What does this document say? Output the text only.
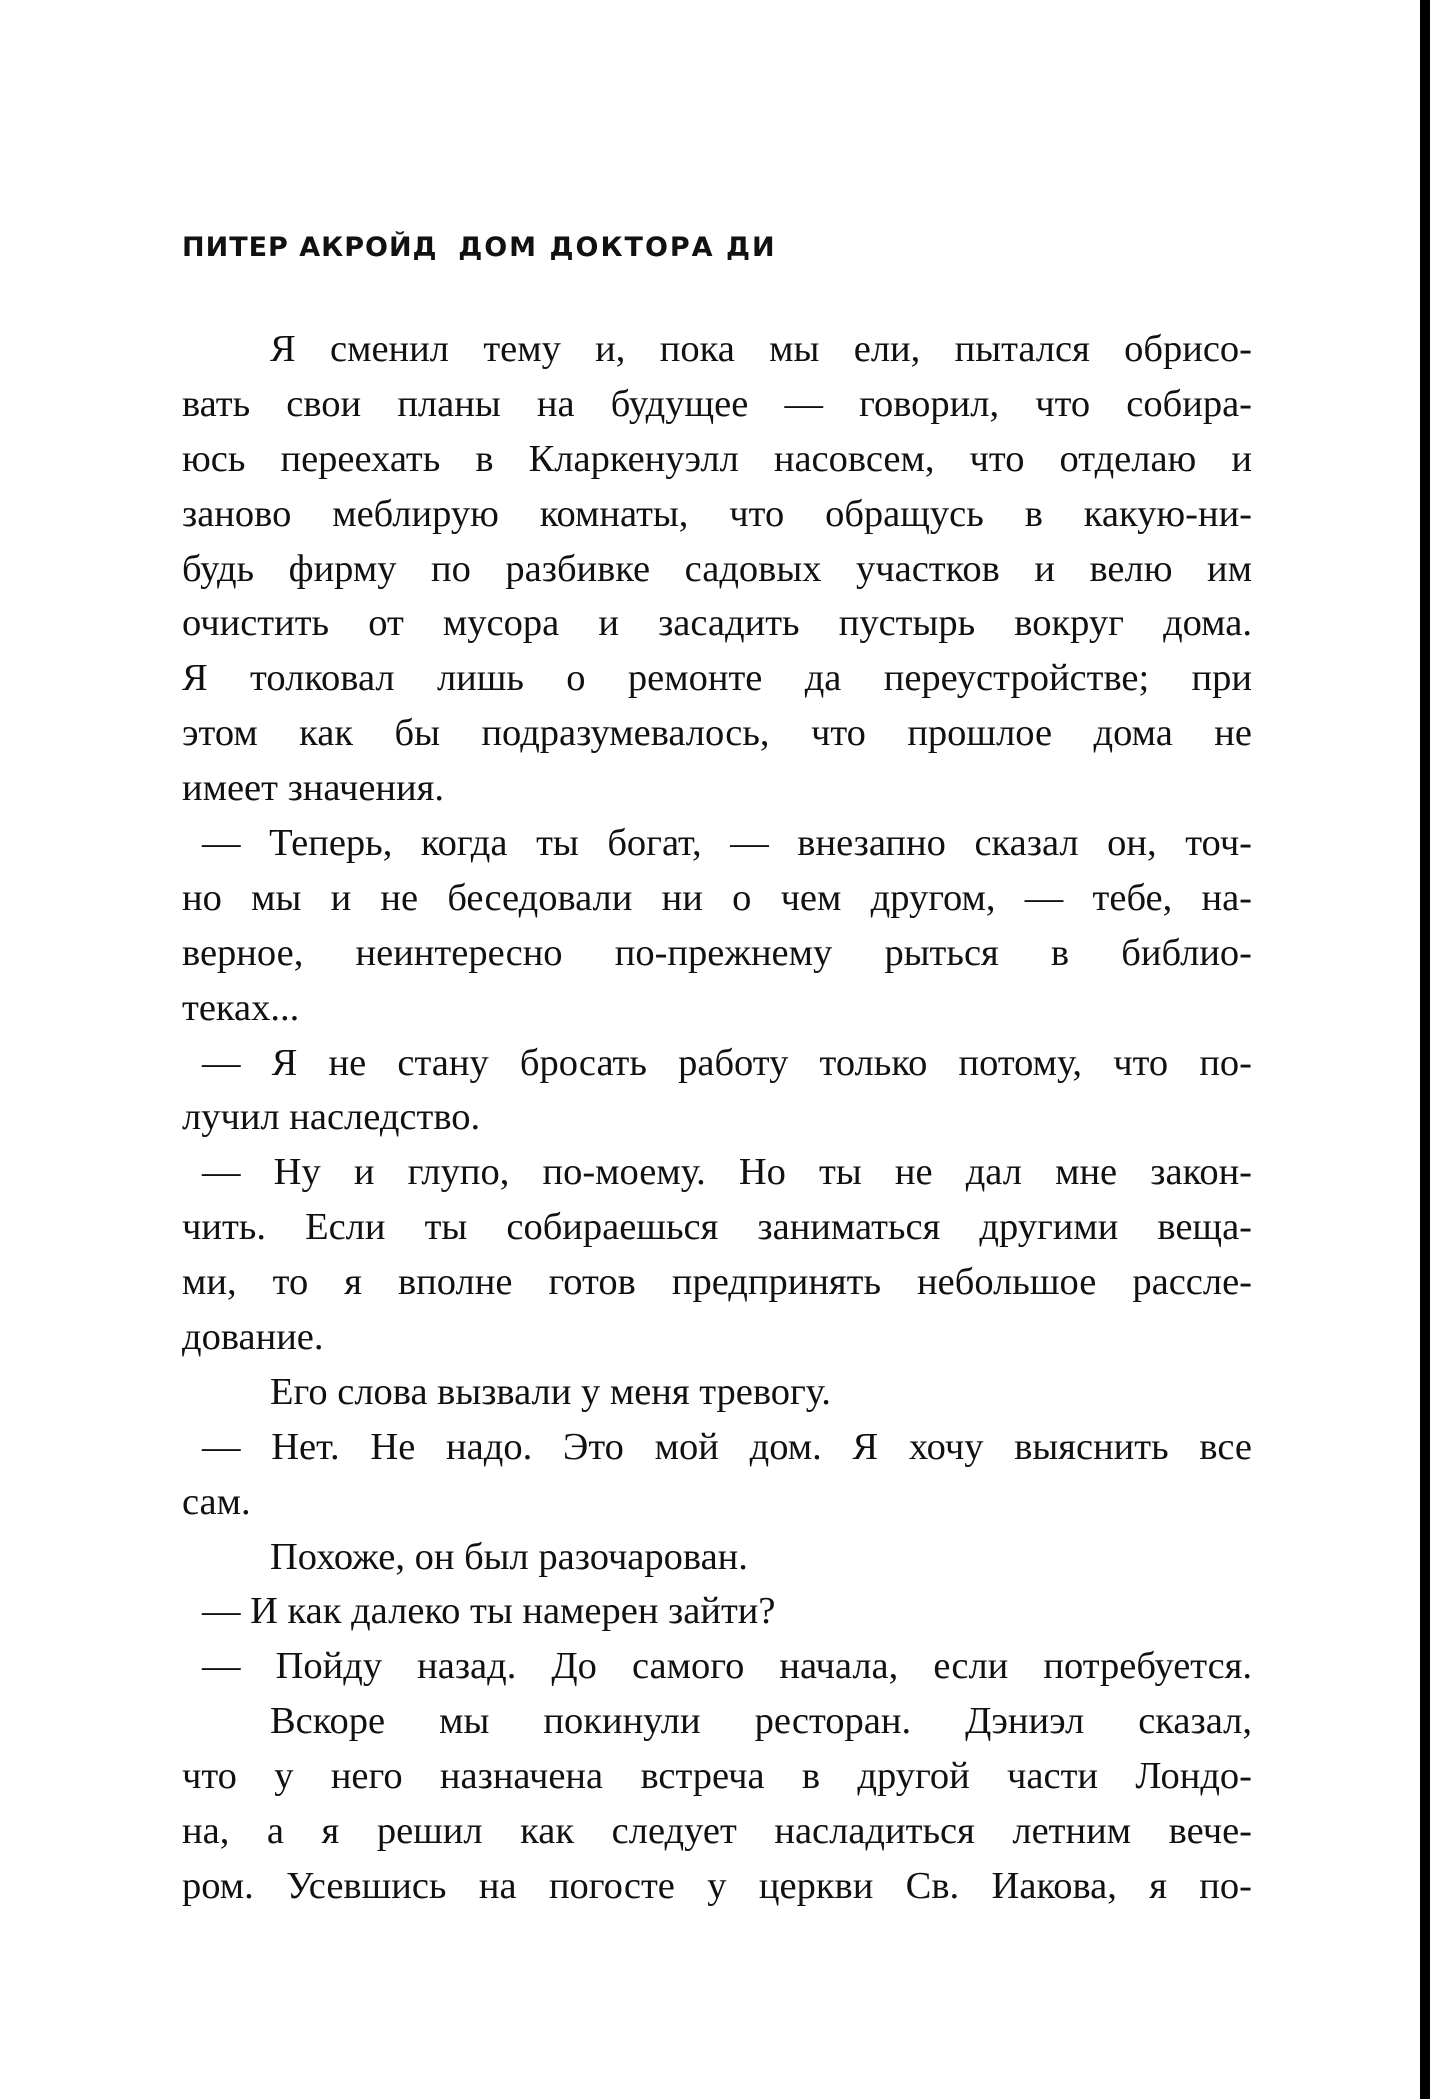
ПИТЕР АКРОЙД ДОМ ДОКТОРА ДИ
Я сменил тему и, пока мы ели, пытался обрисо-
вать свои планы на будущее — говорил, что собира-
юсь переехать в Кларкенуэлл насовсем, что отделаю и
заново меблирую комнаты, что обращусь в какую-ни-
будь фирму по разбивке садовых участков и велю им
очистить от мусора и засадить пустырь вокруг дома.
Я толковал лишь о ремонте да переустройстве; при
этом как бы подразумевалось, что прошлое дома не
имеет значения.
— Теперь, когда ты богат, — внезапно сказал он, точ-
но мы и не беседовали ни о чем другом, — тебе, на-
верное, неинтересно по-прежнему рыться в библио-
теках...
— Я не стану бросать работу только потому, что по-
лучил наследство.
— Ну и глупо, по-моему. Но ты не дал мне закон-
чить. Если ты собираешься заниматься другими веща-
ми, то я вполне готов предпринять небольшое рассле-
дование.
Его слова вызвали у меня тревогу.
— Нет. Не надо. Это мой дом. Я хочу выяснить все
сам.
Похоже, он был разочарован.
— И как далеко ты намерен зайти?
— Пойду назад. До самого начала, если потребуется.
Вскоре мы покинули ресторан. Дэниэл сказал,
что у него назначена встреча в другой части Лондо-
на, а я решил как следует насладиться летним вече-
ром. Усевшись на погосте у церкви Св. Иакова, я по-
